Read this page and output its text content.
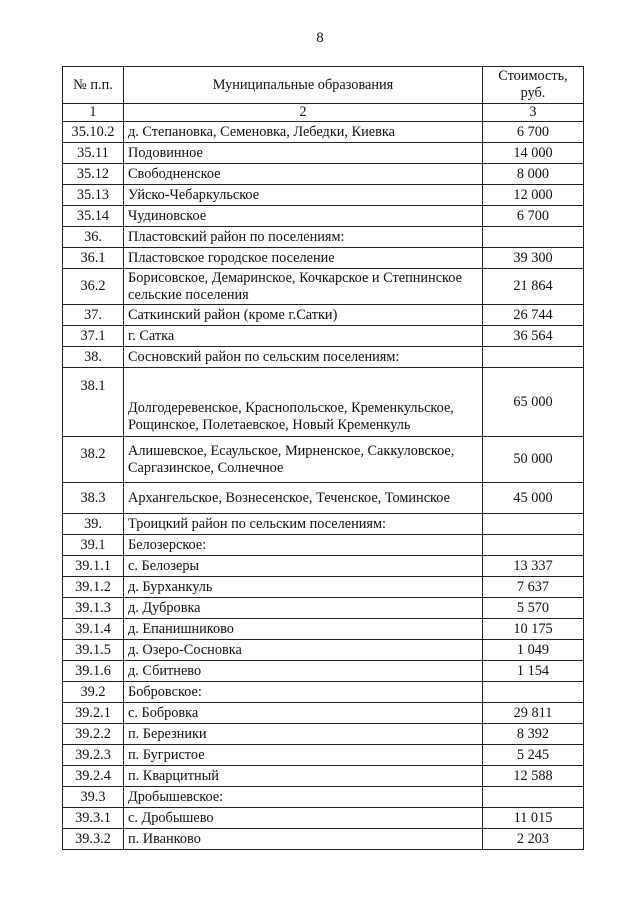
8
№ п.п.	Муниципальные образования	Стоимость, руб.
1	2	3
35.10.2	д. Степановка, Семеновка, Лебедки, Киевка	6 700
35.11	Подовинное	14 000
35.12	Свободненское	8 000
35.13	Уйско-Чебаркульское	12 000
35.14	Чудиновское	6 700
36.	Пластовский район по поселениям:	
36.1	Пластовское городское поселение	39 300
36.2	Борисовское, Демаринское, Кочкарское и Степнинское сельские поселения	21 864
37.	Саткинский район (кроме г.Сатки)	26 744
37.1	г. Сатка	36 564
38.	Сосновский район по сельским поселениям:	
38.1	Долгодеревенское, Краснопольское, Кременкульское, Рощинское, Полетаевское, Новый Кременкуль	65 000
38.2	Алишевское, Есаульское, Мирненское, Саккуловское, Саргазинское, Солнечное	50 000
38.3	Архангельское, Вознесенское, Теченское, Томинское	45 000
39.	Троицкий район по сельским поселениям:	
39.1	Белозерское:	
39.1.1	с. Белозеры	13 337
39.1.2	д. Бурханкуль	7 637
39.1.3	д. Дубровка	5 570
39.1.4	д. Епанишниково	10 175
39.1.5	д. Озеро-Сосновка	1 049
39.1.6	д. Сбитнево	1 154
39.2	Бобровское:	
39.2.1	с. Бобровка	29 811
39.2.2	п. Березники	8 392
39.2.3	п. Бугристое	5 245
39.2.4	п. Кварцитный	12 588
39.3	Дробышевское:	
39.3.1	с. Дробышево	11 015
39.3.2	п. Иванково	2 203
